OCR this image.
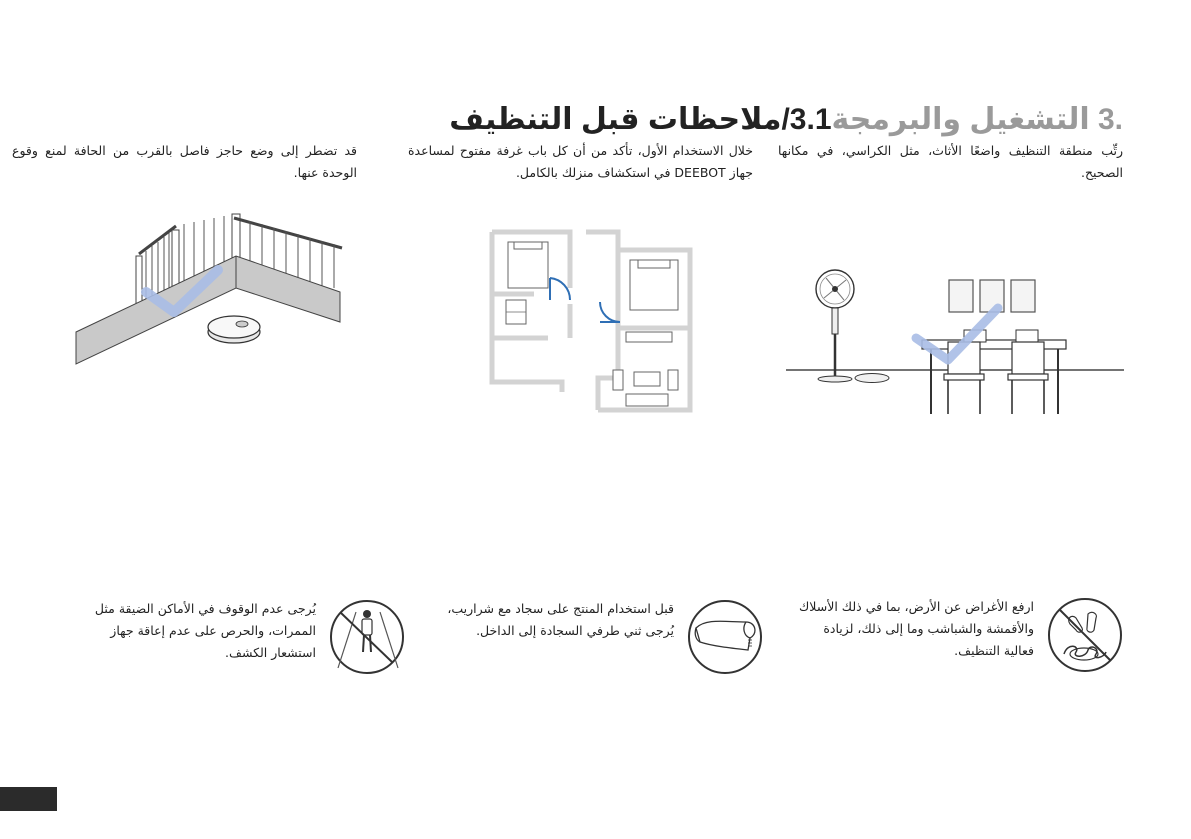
.3 التشغيل والبرمجة3.1/ملاحظات قبل التنظيف
رتِّب منطقة التنظيف واضعًا الأثاث، مثل الكراسي، في مكانها الصحيح.
خلال الاستخدام الأول، تأكد من أن كل باب غرفة مفتوح لمساعدة جهاز DEEBOT في استكشاف منزلك بالكامل.
قد تضطر إلى وضع حاجز فاصل بالقرب من الحافة لمنع وقوع الوحدة عنها.
ارفع الأغراض عن الأرض، بما في ذلك الأسلاك والأقمشة والشباشب وما إلى ذلك، لزيادة فعالية التنظيف.
قبل استخدام المنتج على سجاد مع شراريب، يُرجى ثني طرفي السجادة إلى الداخل.
يُرجى عدم الوقوف في الأماكن الضيقة مثل الممرات، والحرص على عدم إعاقة جهاز استشعار الكشف.
